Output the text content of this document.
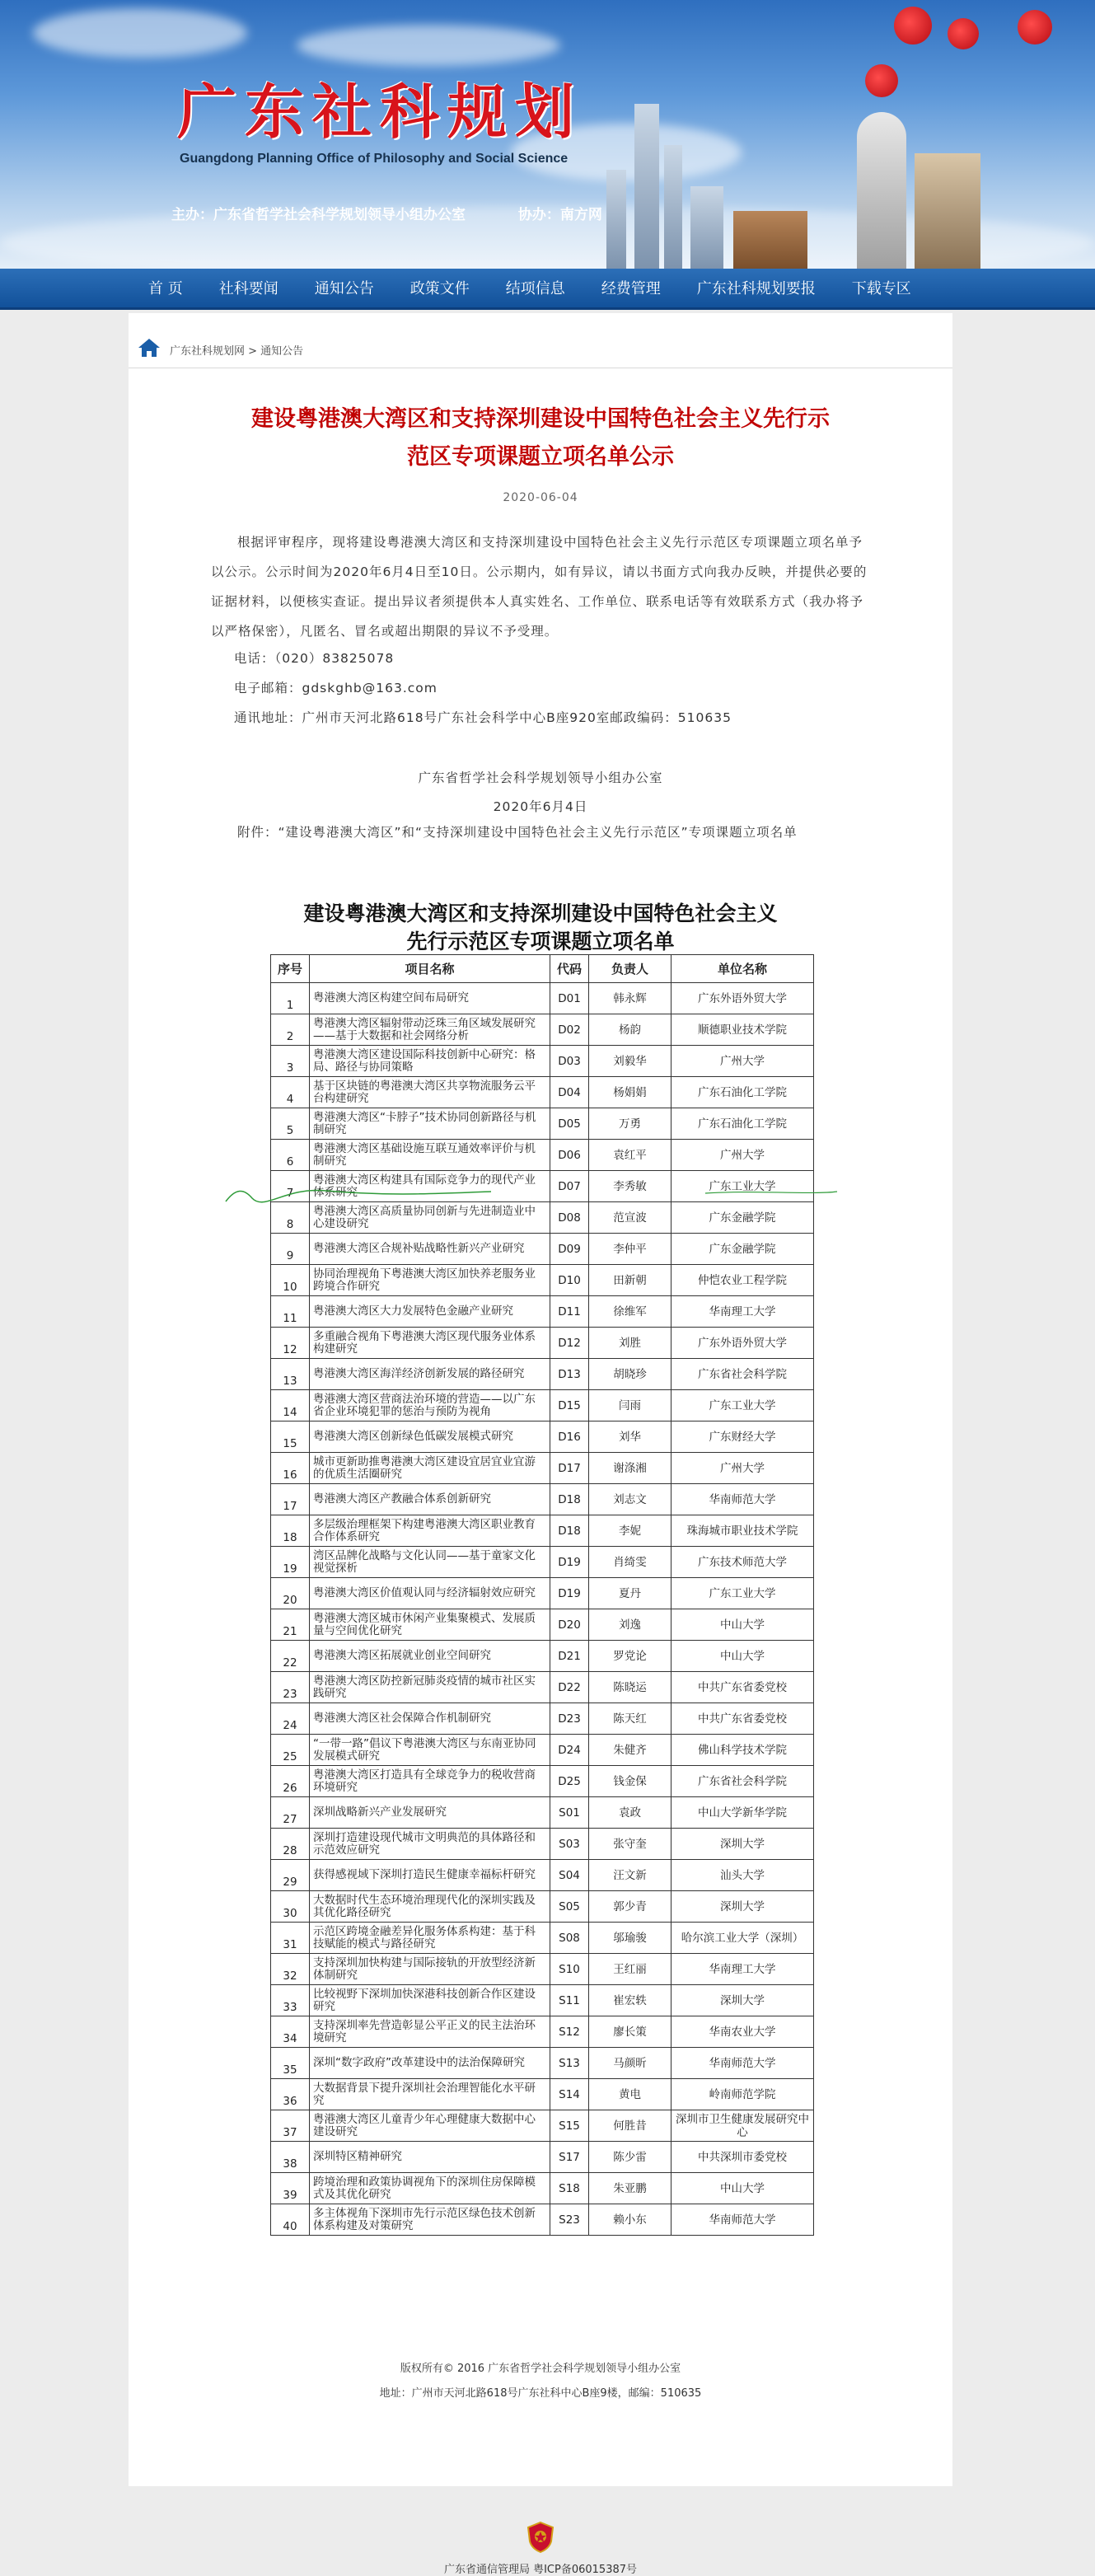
广东社科规划
Guangdong Planning Office of Philosophy and Social Science
主办：广东省哲学社会科学规划领导小组办公室	协办：南方网
首 页	社科要闻	通知公告	政策文件	结项信息	经费管理	广东社科规划要报	下载专区
广东社科规划网 > 通知公告
建设粤港澳大湾区和支持深圳建设中国特色社会主义先行示
范区专项课题立项名单公示
2020-06-04
根据评审程序，现将建设粤港澳大湾区和支持深圳建设中国特色社会主义先行示范区专项课题立项名单予以公示。公示时间为2020年6月4日至10日。公示期内，如有异议，请以书面方式向我办反映，并提供必要的证据材料，以便核实查证。提出异议者须提供本人真实姓名、工作单位、联系电话等有效联系方式（我办将予以严格保密），凡匿名、冒名或超出期限的异议不予受理。
电话：（020）83825078
电子邮箱：gdskghb@163.com
通讯地址：广州市天河北路618号广东社会科学中心B座920室邮政编码：510635
广东省哲学社会科学规划领导小组办公室
2020年6月4日
附件：“建设粤港澳大湾区”和“支持深圳建设中国特色社会主义先行示范区”专项课题立项名单
建设粤港澳大湾区和支持深圳建设中国特色社会主义
先行示范区专项课题立项名单
序号	项目名称	代码	负责人	单位名称
1	粤港澳大湾区构建空间布局研究	D01	韩永辉	广东外语外贸大学
2	粤港澳大湾区辐射带动泛珠三角区域发展研究——基于大数据和社会网络分析	D02	杨韵	顺德职业技术学院
3	粤港澳大湾区建设国际科技创新中心研究：格局、路径与协同策略	D03	刘毅华	广州大学
4	基于区块链的粤港澳大湾区共享物流服务云平台构建研究	D04	杨娟娟	广东石油化工学院
5	粤港澳大湾区“卡脖子”技术协同创新路径与机制研究	D05	万勇	广东石油化工学院
6	粤港澳大湾区基础设施互联互通效率评价与机制研究	D06	袁红平	广州大学
7	粤港澳大湾区构建具有国际竞争力的现代产业体系研究	D07	李秀敏	广东工业大学
8	粤港澳大湾区高质量协同创新与先进制造业中心建设研究	D08	范宣波	广东金融学院
9	粤港澳大湾区合规补贴战略性新兴产业研究	D09	李仲平	广东金融学院
10	协同治理视角下粤港澳大湾区加快养老服务业跨境合作研究	D10	田新朝	仲恺农业工程学院
11	粤港澳大湾区大力发展特色金融产业研究	D11	徐维军	华南理工大学
12	多重融合视角下粤港澳大湾区现代服务业体系构建研究	D12	刘胜	广东外语外贸大学
13	粤港澳大湾区海洋经济创新发展的路径研究	D13	胡晓珍	广东省社会科学院
14	粤港澳大湾区营商法治环境的营造——以广东省企业环境犯罪的惩治与预防为视角	D15	闫雨	广东工业大学
15	粤港澳大湾区创新绿色低碳发展模式研究	D16	刘华	广东财经大学
16	城市更新助推粤港澳大湾区建设宜居宜业宜游的优质生活圈研究	D17	谢涤湘	广州大学
17	粤港澳大湾区产教融合体系创新研究	D18	刘志文	华南师范大学
18	多层级治理框架下构建粤港澳大湾区职业教育合作体系研究	D18	李妮	珠海城市职业技术学院
19	湾区品牌化战略与文化认同——基于童家文化视觉探析	D19	肖绮雯	广东技术师范大学
20	粤港澳大湾区价值观认同与经济辐射效应研究	D19	夏丹	广东工业大学
21	粤港澳大湾区城市休闲产业集聚模式、发展质量与空间优化研究	D20	刘逸	中山大学
22	粤港澳大湾区拓展就业创业空间研究	D21	罗党论	中山大学
23	粤港澳大湾区防控新冠肺炎疫情的城市社区实践研究	D22	陈晓运	中共广东省委党校
24	粤港澳大湾区社会保障合作机制研究	D23	陈天红	中共广东省委党校
25	“一带一路”倡议下粤港澳大湾区与东南亚协同发展模式研究	D24	朱健齐	佛山科学技术学院
26	粤港澳大湾区打造具有全球竞争力的税收营商环境研究	D25	钱金保	广东省社会科学院
27	深圳战略新兴产业发展研究	S01	袁政	中山大学新华学院
28	深圳打造建设现代城市文明典范的具体路径和示范效应研究	S03	张守奎	深圳大学
29	获得感视域下深圳打造民生健康幸福标杆研究	S04	汪文新	汕头大学
30	大数据时代生态环境治理现代化的深圳实践及其优化路径研究	S05	郭少青	深圳大学
31	示范区跨境金融差异化服务体系构建：基于科技赋能的模式与路径研究	S08	邬瑜骏	哈尔滨工业大学（深圳）
32	支持深圳加快构建与国际接轨的开放型经济新体制研究	S10	王红丽	华南理工大学
33	比较视野下深圳加快深港科技创新合作区建设研究	S11	崔宏轶	深圳大学
34	支持深圳率先营造彰显公平正义的民主法治环境研究	S12	廖长策	华南农业大学
35	深圳“数字政府”改革建设中的法治保障研究	S13	马颜昕	华南师范大学
36	大数据背景下提升深圳社会治理智能化水平研究	S14	黄电	岭南师范学院
37	粤港澳大湾区儿童青少年心理健康大数据中心建设研究	S15	何胜昔	深圳市卫生健康发展研究中心
38	深圳特区精神研究	S17	陈少雷	中共深圳市委党校
39	跨境治理和政策协调视角下的深圳住房保障模式及其优化研究	S18	朱亚鹏	中山大学
40	多主体视角下深圳市先行示范区绿色技术创新体系构建及对策研究	S23	赖小东	华南师范大学
版权所有© 2016 广东省哲学社会科学规划领导小组办公室
地址：广州市天河北路618号广东社科中心B座9楼，邮编：510635
广东省通信管理局 粤ICP备06015387号
